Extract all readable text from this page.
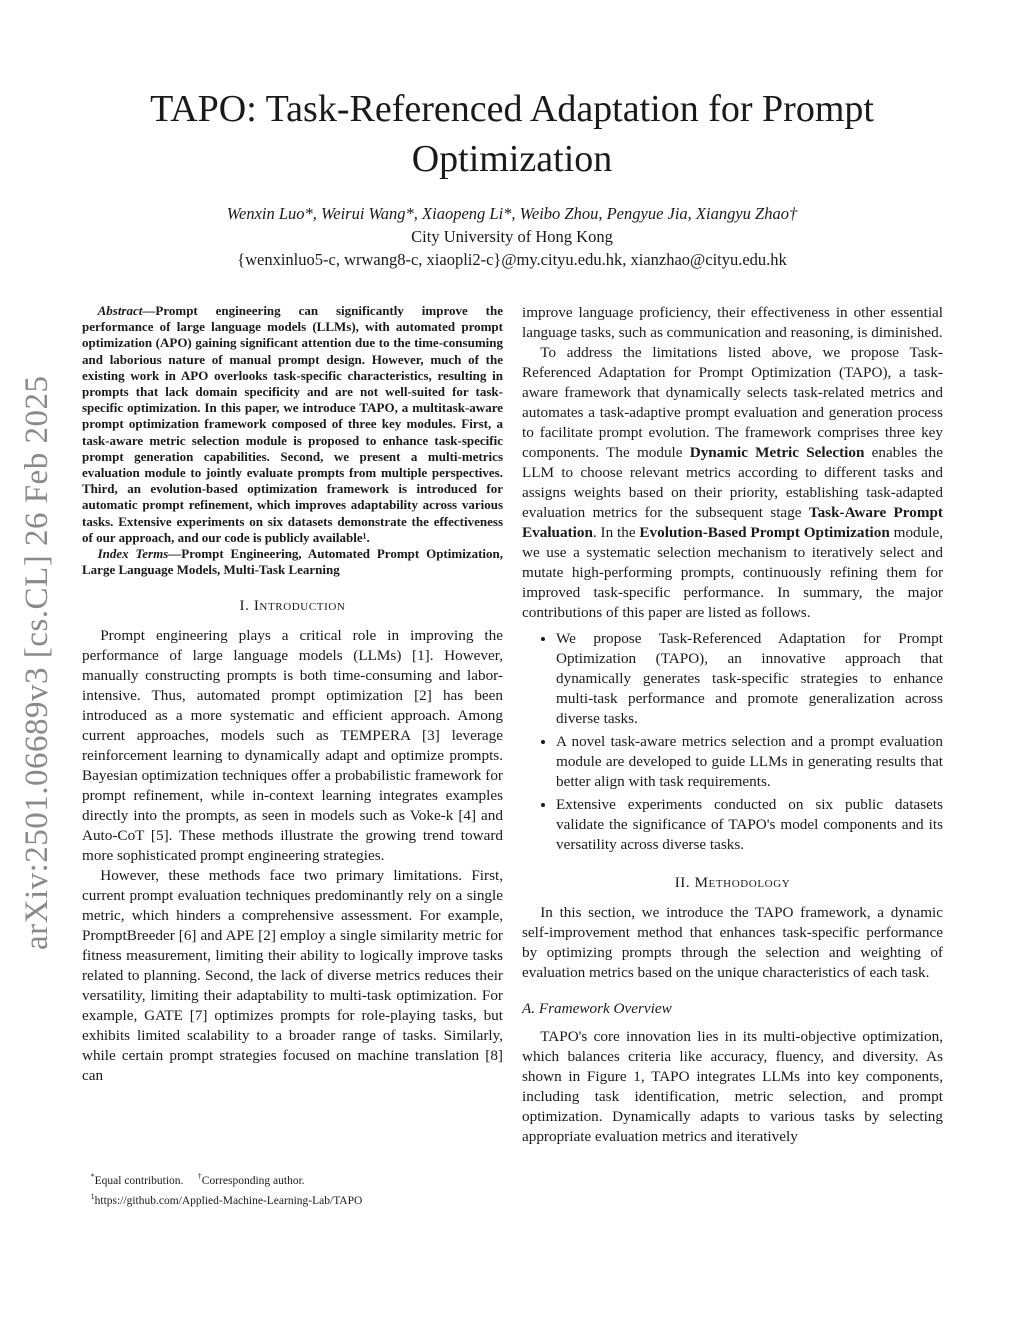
arXiv:2501.06689v3 [cs.CL] 26 Feb 2025
TAPO: Task-Referenced Adaptation for Prompt
Optimization
Wenxin Luo*, Weirui Wang*, Xiaopeng Li*, Weibo Zhou, Pengyue Jia, Xiangyu Zhao†
City University of Hong Kong
{wenxinluo5-c, wrwang8-c, xiaopli2-c}@my.cityu.edu.hk, xianzhao@cityu.edu.hk

Abstract—Prompt engineering can significantly improve the performance of large language models (LLMs), with automated prompt optimization (APO) gaining significant attention due to the time-consuming and laborious nature of manual prompt design. However, much of the existing work in APO overlooks task-specific characteristics, resulting in prompts that lack domain specificity and are not well-suited for task-specific optimization. In this paper, we introduce TAPO, a multitask-aware prompt optimization framework composed of three key modules. First, a task-aware metric selection module is proposed to enhance task-specific prompt generation capabilities. Second, we present a multi-metrics evaluation module to jointly evaluate prompts from multiple perspectives. Third, an evolution-based optimization framework is introduced for automatic prompt refinement, which improves adaptability across various tasks. Extensive experiments on six datasets demonstrate the effectiveness of our approach, and our code is publicly available¹.

Index Terms—Prompt Engineering, Automated Prompt Optimization, Large Language Models, Multi-Task Learning

I. Introduction

Prompt engineering plays a critical role in improving the performance of large language models (LLMs) [1]. However, manually constructing prompts is both time-consuming and labor-intensive. Thus, automated prompt optimization [2] has been introduced as a more systematic and efficient approach. Among current approaches, models such as TEMPERA [3] leverage reinforcement learning to dynamically adapt and optimize prompts. Bayesian optimization techniques offer a probabilistic framework for prompt refinement, while in-context learning integrates examples directly into the prompts, as seen in models such as Voke-k [4] and Auto-CoT [5]. These methods illustrate the growing trend toward more sophisticated prompt engineering strategies.

However, these methods face two primary limitations. First, current prompt evaluation techniques predominantly rely on a single metric, which hinders a comprehensive assessment. For example, PromptBreeder [6] and APE [2] employ a single similarity metric for fitness measurement, limiting their ability to logically improve tasks related to planning. Second, the lack of diverse metrics reduces their versatility, limiting their adaptability to multi-task optimization. For example, GATE [7] optimizes prompts for role-playing tasks, but exhibits limited scalability to a broader range of tasks. Similarly, while certain prompt strategies focused on machine translation [8] can

improve language proficiency, their effectiveness in other essential language tasks, such as communication and reasoning, is diminished.

To address the limitations listed above, we propose Task-Referenced Adaptation for Prompt Optimization (TAPO), a task-aware framework that dynamically selects task-related metrics and automates a task-adaptive prompt evaluation and generation process to facilitate prompt evolution. The framework comprises three key components. The module Dynamic Metric Selection enables the LLM to choose relevant metrics according to different tasks and assigns weights based on their priority, establishing task-adapted evaluation metrics for the subsequent stage Task-Aware Prompt Evaluation. In the Evolution-Based Prompt Optimization module, we use a systematic selection mechanism to iteratively select and mutate high-performing prompts, continuously refining them for improved task-specific performance. In summary, the major contributions of this paper are listed as follows.

• We propose Task-Referenced Adaptation for Prompt Optimization (TAPO), an innovative approach that dynamically generates task-specific strategies to enhance multi-task performance and promote generalization across diverse tasks.
• A novel task-aware metrics selection and a prompt evaluation module are developed to guide LLMs in generating results that better align with task requirements.
• Extensive experiments conducted on six public datasets validate the significance of TAPO's model components and its versatility across diverse tasks.
II. Methodology

In this section, we introduce the TAPO framework, a dynamic self-improvement method that enhances task-specific performance by optimizing prompts through the selection and weighting of evaluation metrics based on the unique characteristics of each task.

A. Framework Overview

TAPO's core innovation lies in its multi-objective optimization, which balances criteria like accuracy, fluency, and diversity. As shown in Figure 1, TAPO integrates LLMs into key components, including task identification, metric selection, and prompt optimization. Dynamically adapts to various tasks by selecting appropriate evaluation metrics and iteratively

*Equal contribution. †Corresponding author.
$^1$https://github.com/Applied-Machine-Learning-Lab/TAPO
